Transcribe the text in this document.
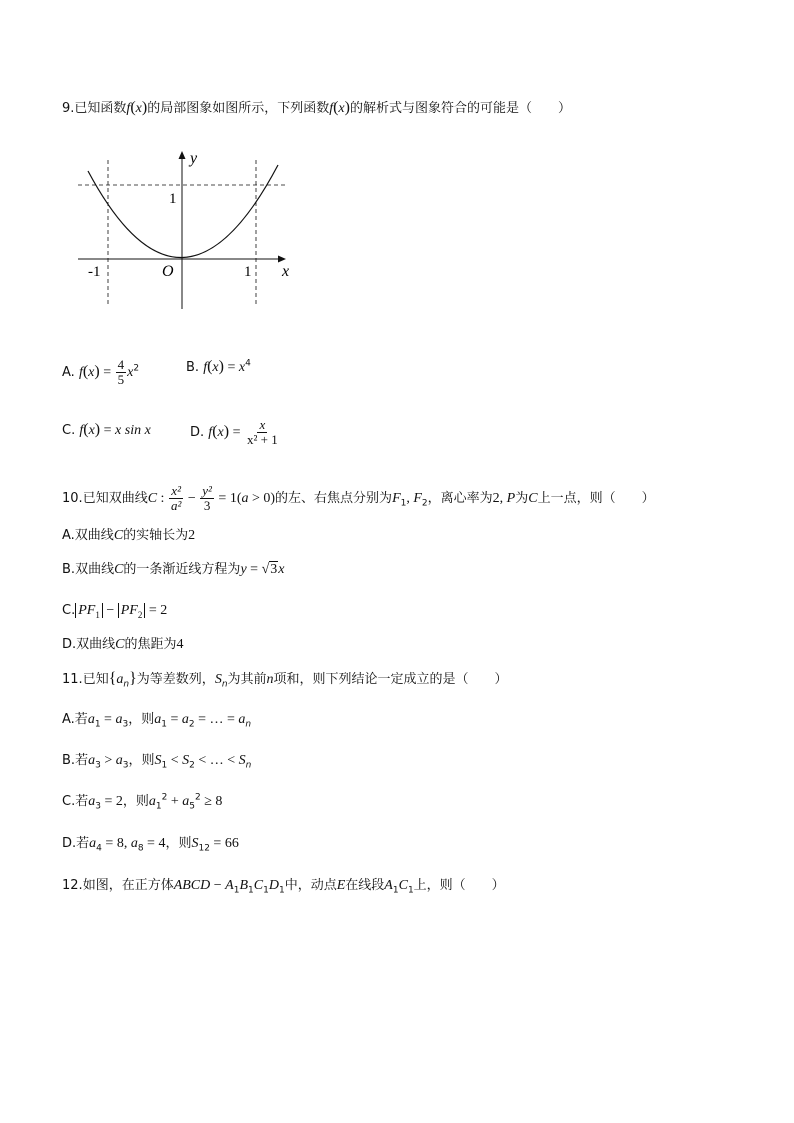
9.已知函数f(x)的局部图象如图所示，下列函数f(x)的解析式与图象符合的可能是（　　）
y
x
O
-1	1
1
A. $f(x) = \frac{4}{5} x^2$	B. $f(x) = x^4$
C. f(x) = x sin x	D. $f(x) = \frac{x}{\text{x² + 1}}$
10.已知双曲线C : $\frac{\text{x²}}{\text{a²}} - \frac{\text{y²}}{3} = 1(a > 0)$的左、右焦点分别为$F_1$, $F_2$，离心率为2, P为C上一点，则（　　）
A.双曲线C的实轴长为2
B.双曲线C的一条渐近线方程为y = √3x
C. $PF_1 - PF_2 = 2$
D.双曲线C的焦距为4
11.已知$\{a_n\}$为等差数列，$S_n$为其前n项和，则下列结论一定成立的是（　　）
A.若$a_1 = a_3$，则$a_1 = a_2$ = … = $a_n$
B.若$a_3 > a_3$，则$S_1 < S_2$ < … < $S_n$
C.若$a_3 = 2$，则$a_1^2 + a_5^2 \ge 8$
D.若$a_4 = 8$, $a_8 = 4$，则$S_{12} = 66$
12.如图，在正方体ABCD − $A_1B_1C_1D_1$中，动点E在线段$A_1C_1$上，则（　　）
